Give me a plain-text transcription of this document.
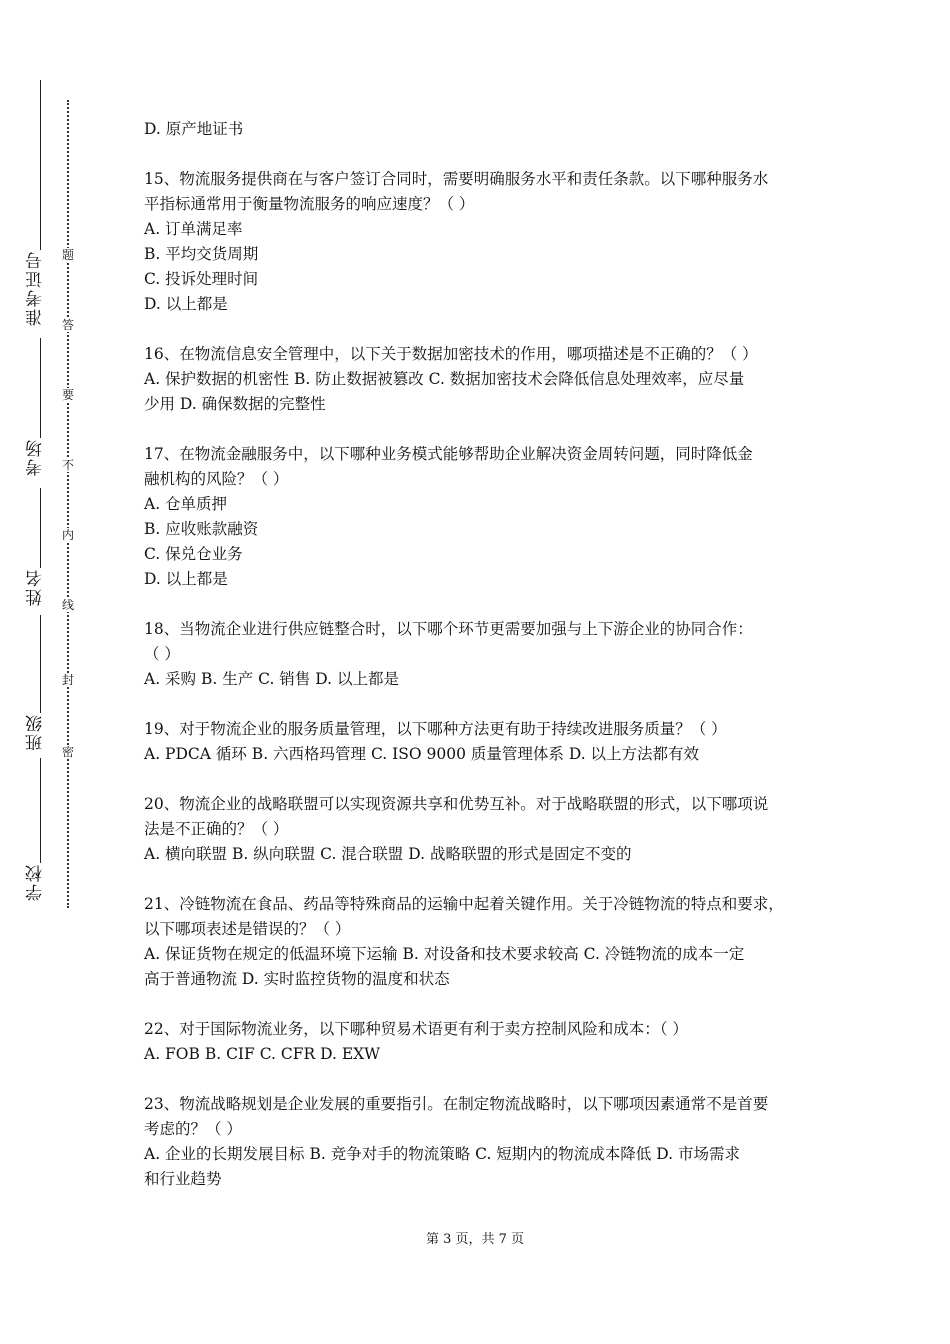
准考证号
考场
姓名
班级
学校
题
答
要
不
内
线
封
密
D. 原产地证书
15、物流服务提供商在与客户签订合同时，需要明确服务水平和责任条款。以下哪种服务水
平指标通常用于衡量物流服务的响应速度？（ ）
A. 订单满足率
B. 平均交货周期
C. 投诉处理时间
D. 以上都是
16、在物流信息安全管理中，以下关于数据加密技术的作用，哪项描述是不正确的？（ ）
A. 保护数据的机密性 B. 防止数据被篡改 C. 数据加密技术会降低信息处理效率，应尽量
少用 D. 确保数据的完整性
17、在物流金融服务中，以下哪种业务模式能够帮助企业解决资金周转问题，同时降低金
融机构的风险？（ ）
A. 仓单质押
B. 应收账款融资
C. 保兑仓业务
D. 以上都是
18、当物流企业进行供应链整合时，以下哪个环节更需要加强与上下游企业的协同合作：
（ ）
A. 采购 B. 生产 C. 销售 D. 以上都是
19、对于物流企业的服务质量管理，以下哪种方法更有助于持续改进服务质量？（ ）
A. PDCA 循环 B. 六西格玛管理 C. ISO 9000 质量管理体系 D. 以上方法都有效
20、物流企业的战略联盟可以实现资源共享和优势互补。对于战略联盟的形式，以下哪项说
法是不正确的？（ ）
A. 横向联盟 B. 纵向联盟 C. 混合联盟 D. 战略联盟的形式是固定不变的
21、冷链物流在食品、药品等特殊商品的运输中起着关键作用。关于冷链物流的特点和要求，
以下哪项表述是错误的？（ ）
A. 保证货物在规定的低温环境下运输 B. 对设备和技术要求较高 C. 冷链物流的成本一定
高于普通物流 D. 实时监控货物的温度和状态
22、对于国际物流业务，以下哪种贸易术语更有利于卖方控制风险和成本：（ ）
A. FOB B. CIF C. CFR D. EXW
23、物流战略规划是企业发展的重要指引。在制定物流战略时，以下哪项因素通常不是首要
考虑的？（ ）
A. 企业的长期发展目标 B. 竞争对手的物流策略 C. 短期内的物流成本降低 D. 市场需求
和行业趋势
第 3 页，共 7 页
